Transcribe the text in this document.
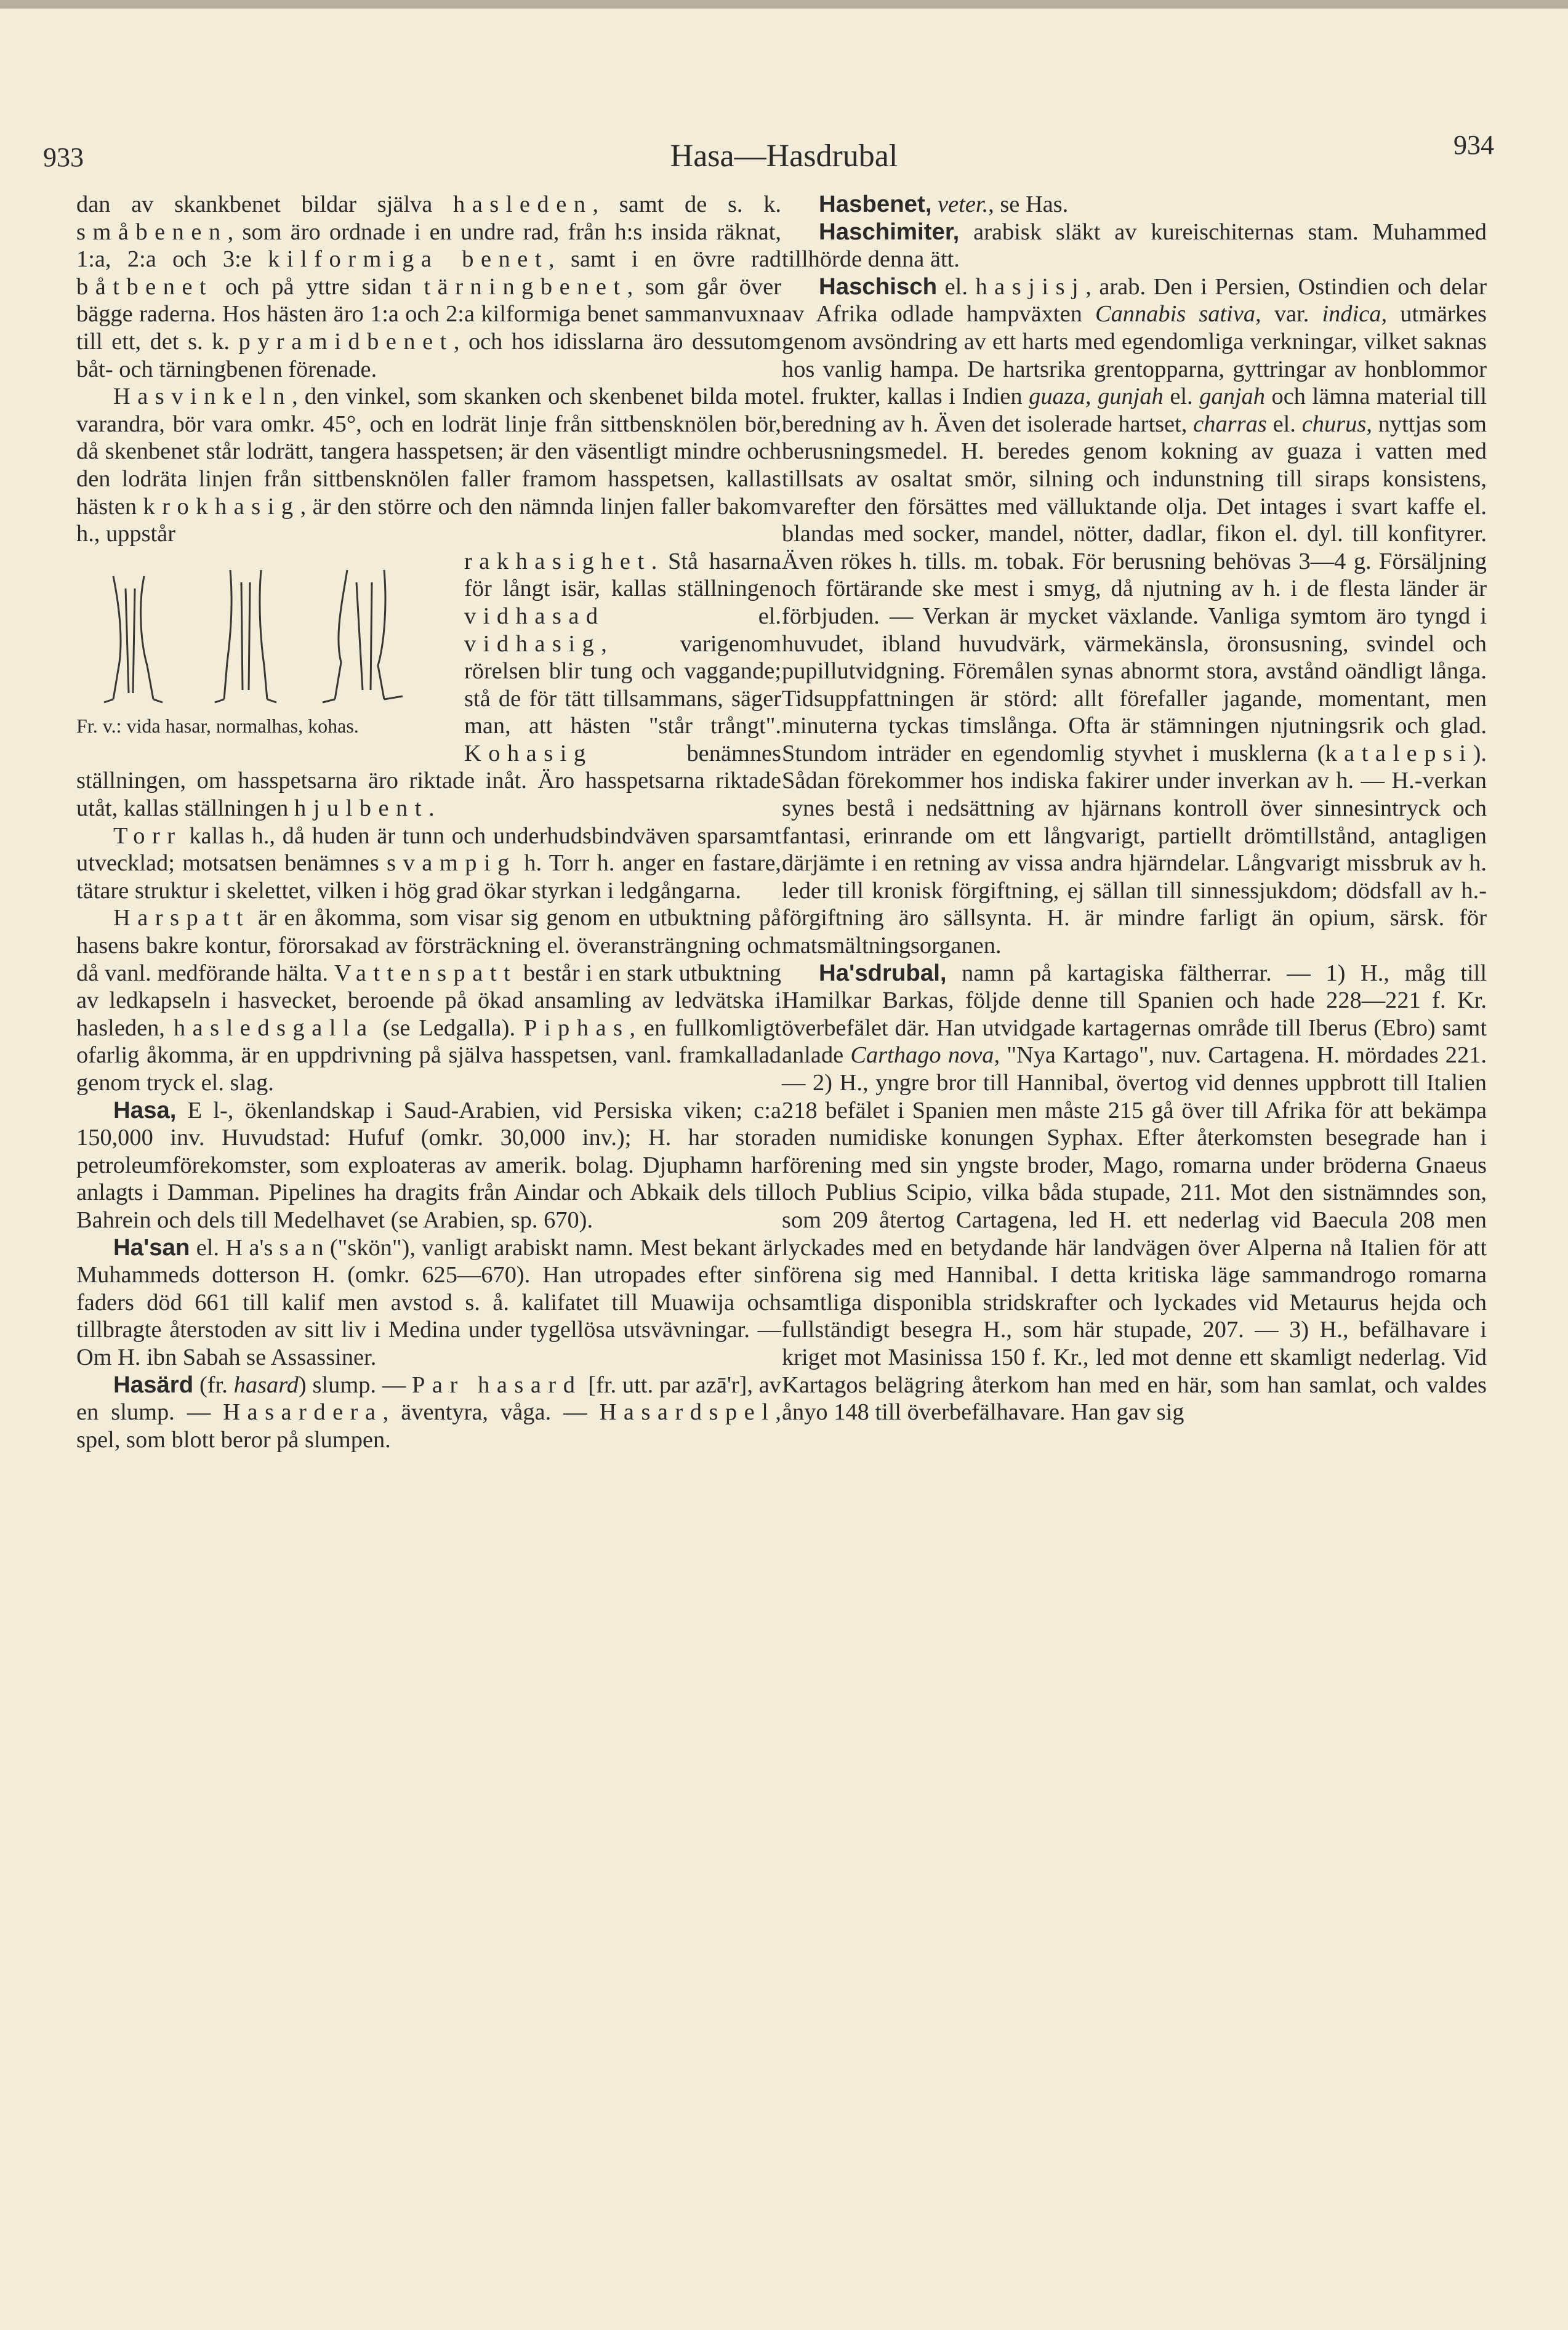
933	Hasa—Hasdrubal	934

dan av skankbenet bildar själva hasleden, samt de s. k. småbenen, som äro ordnade i en undre rad, från h:s insida räknat, 1:a, 2:a och 3:e kilformiga benet, samt i en övre rad båtbenet och på yttre sidan tärningbenet, som går över bägge raderna. Hos hästen äro 1:a och 2:a kilformiga benet sammanvuxna till ett, det s. k. pyramidbenet, och hos idisslarna äro dessutom båt- och tärningbenen förenade.

Hasvinkeln, den vinkel, som skanken och skenbenet bilda mot varandra, bör vara omkr. 45°, och en lodrät linje från sittbensknölen bör, då skenbenet står lodrätt, tangera hasspetsen; är den väsentligt mindre och den lodräta linjen från sittbensknölen faller framom hasspetsen, kallas hästen krokhasig, är den större och den nämnda linjen faller bakom h., uppstår

Fr. v.: vida hasar, normalhas, kohas.
rakhasighet. Stå hasarna för långt isär, kallas ställningen vidhasad el. vidhasig, varigenom rörelsen blir tung och vaggande; stå de för tätt tillsammans, säger man, att hästen "står trångt". Kohasig benämnes ställningen, om hasspetsarna äro riktade inåt. Äro hasspetsarna riktade utåt, kallas ställningen hjulbent.

Torr kallas h., då huden är tunn och underhudsbindväven sparsamt utvecklad; motsatsen benämnes svampig h. Torr h. anger en fastare, tätare struktur i skelettet, vilken i hög grad ökar styrkan i ledgångarna.

Harspatt är en åkomma, som visar sig genom en utbuktning på hasens bakre kontur, förorsakad av försträckning el. överansträngning och då vanl. medförande hälta. Vattenspatt består i en stark utbuktning av ledkapseln i hasvecket, beroende på ökad ansamling av ledvätska i hasleden, hasledsgalla (se Ledgalla). Piphas, en fullkomligt ofarlig åkomma, är en uppdrivning på själva hasspetsen, vanl. framkallad genom tryck el. slag.

Hasa, E l-, ökenlandskap i Saud-Arabien, vid Persiska viken; c:a 150,000 inv. Huvudstad: Hufuf (omkr. 30,000 inv.); H. har stora petroleumförekomster, som exploateras av amerik. bolag. Djuphamn har anlagts i Damman. Pipelines ha dragits från Aindar och Abkaik dels till Bahrein och dels till Medelhavet (se Arabien, sp. 670).

Ha'san el. H a's s a n ("skön"), vanligt arabiskt namn. Mest bekant är Muhammeds dotterson H. (omkr. 625—670). Han utropades efter sin faders död 661 till kalif men avstod s. å. kalifatet till Muawija och tillbragte återstoden av sitt liv i Medina under tygellösa utsvävningar. — Om H. ibn Sabah se Assassiner.

Hasärd (fr. hasard) slump. — Par hasard [fr. utt. par azā'r], av en slump. — Hasardera, äventyra, våga. — Hasardspel, spel, som blott beror på slumpen.

Hasbenet, veter., se Has.

Haschimiter, arabisk släkt av kureischiternas stam. Muhammed tillhörde denna ätt.

Haschisch el. hasjisj, arab. Den i Persien, Ostindien och delar av Afrika odlade hampväxten Cannabis sativa, var. indica, utmärkes genom avsöndring av ett harts med egendomliga verkningar, vilket saknas hos vanlig hampa. De hartsrika grentopparna, gyttringar av honblommor el. frukter, kallas i Indien guaza, gunjah el. ganjah och lämna material till beredning av h. Även det isolerade hartset, charras el. churus, nyttjas som berusningsmedel. H. beredes genom kokning av guaza i vatten med tillsats av osaltat smör, silning och indunstning till siraps konsistens, varefter den försättes med välluktande olja. Det intages i svart kaffe el. blandas med socker, mandel, nötter, dadlar, fikon el. dyl. till konfityrer. Även rökes h. tills. m. tobak. För berusning behövas 3—4 g. Försäljning och förtärande ske mest i smyg, då njutning av h. i de flesta länder är förbjuden. — Verkan är mycket växlande. Vanliga symtom äro tyngd i huvudet, ibland huvudvärk, värmekänsla, öronsusning, svindel och pupillutvidgning. Föremålen synas abnormt stora, avstånd oändligt långa. Tidsuppfattningen är störd: allt förefaller jagande, momentant, men minuterna tyckas timslånga. Ofta är stämningen njutningsrik och glad. Stundom inträder en egendomlig styvhet i musklerna (katalepsi). Sådan förekommer hos indiska fakirer under inverkan av h. — H.-verkan synes bestå i nedsättning av hjärnans kontroll över sinnesintryck och fantasi, erinrande om ett långvarigt, partiellt drömtillstånd, antagligen därjämte i en retning av vissa andra hjärndelar. Långvarigt missbruk av h. leder till kronisk förgiftning, ej sällan till sinnessjukdom; dödsfall av h.-förgiftning äro sällsynta. H. är mindre farligt än opium, särsk. för matsmältningsorganen.

Ha'sdrubal, namn på kartagiska fältherrar. — 1) H., måg till Hamilkar Barkas, följde denne till Spanien och hade 228—221 f. Kr. överbefälet där. Han utvidgade kartagernas område till Iberus (Ebro) samt anlade Carthago nova, "Nya Kartago", nuv. Cartagena. H. mördades 221. — 2) H., yngre bror till Hannibal, övertog vid dennes uppbrott till Italien 218 befälet i Spanien men måste 215 gå över till Afrika för att bekämpa den numidiske konungen Syphax. Efter återkomsten besegrade han i förening med sin yngste broder, Mago, romarna under bröderna Gnaeus och Publius Scipio, vilka båda stupade, 211. Mot den sistnämndes son, som 209 återtog Cartagena, led H. ett nederlag vid Baecula 208 men lyckades med en betydande här landvägen över Alperna nå Italien för att förena sig med Hannibal. I detta kritiska läge sammandrogo romarna samtliga disponibla stridskrafter och lyckades vid Metaurus hejda och fullständigt besegra H., som här stupade, 207. — 3) H., befälhavare i kriget mot Masinissa 150 f. Kr., led mot denne ett skamligt nederlag. Vid Kartagos belägring återkom han med en här, som han samlat, och valdes ånyo 148 till överbefälhavare. Han gav sig
